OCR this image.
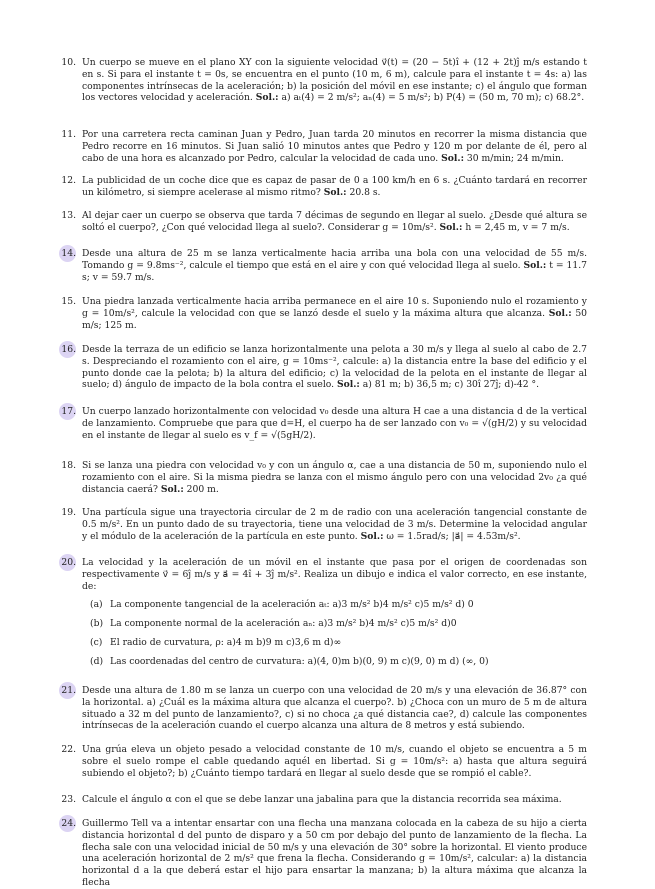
10. Un cuerpo se mueve en el plano XY con la siguiente velocidad v⃗(t) = (20 − 5t)î + (12 + 2t)ĵ m/s estando t en s. Si para el instante t = 0s, se encuentra en el punto (10 m, 6 m), calcule para el instante t = 4s: a) las componentes intrínsecas de la aceleración; b) la posición del móvil en ese instante; c) el ángulo que forman los vectores velocidad y aceleración. Sol.: a) aₜ(4) = 2 m/s²; aₙ(4) = 5 m/s²; b) P(4) = (50 m, 70 m); c) 68.2°.
11. Por una carretera recta caminan Juan y Pedro, Juan tarda 20 minutos en recorrer la misma distancia que Pedro recorre en 16 minutos. Si Juan salió 10 minutos antes que Pedro y 120 m por delante de él, pero al cabo de una hora es alcanzado por Pedro, calcular la velocidad de cada uno. Sol.: 30 m/min; 24 m/min.
12. La publicidad de un coche dice que es capaz de pasar de 0 a 100 km/h en 6 s. ¿Cuánto tardará en recorrer un kilómetro, si siempre acelerase al mismo ritmo? Sol.: 20.8 s.
13. Al dejar caer un cuerpo se observa que tarda 7 décimas de segundo en llegar al suelo. ¿Desde qué altura se soltó el cuerpo?, ¿Con qué velocidad llega al suelo?. Considerar g = 10m/s². Sol.: h = 2,45 m, v = 7 m/s.
14. Desde una altura de 25 m se lanza verticalmente hacia arriba una bola con una velocidad de 55 m/s. Tomando g = 9.8ms⁻², calcule el tiempo que está en el aire y con qué velocidad llega al suelo. Sol.: t = 11.7 s; v = 59.7 m/s.
15. Una piedra lanzada verticalmente hacia arriba permanece en el aire 10 s. Suponiendo nulo el rozamiento y g = 10m/s², calcule la velocidad con que se lanzó desde el suelo y la máxima altura que alcanza. Sol.: 50 m/s; 125 m.
16. Desde la terraza de un edificio se lanza horizontalmente una pelota a 30 m/s y llega al suelo al cabo de 2.7 s. Despreciando el rozamiento con el aire, g = 10ms⁻², calcule: a) la distancia entre la base del edificio y el punto donde cae la pelota; b) la altura del edificio; c) la velocidad de la pelota en el instante de llegar al suelo; d) ángulo de impacto de la bola contra el suelo. Sol.: a) 81 m; b) 36,5 m; c) 30î 27ĵ; d)-42 °.
17. Un cuerpo lanzado horizontalmente con velocidad v₀ desde una altura H cae a una distancia d de la vertical de lanzamiento. Compruebe que para que d=H, el cuerpo ha de ser lanzado con v₀ = √(gH/2) y su velocidad en el instante de llegar al suelo es v_f = √(5gH/2).
18. Si se lanza una piedra con velocidad v₀ y con un ángulo α, cae a una distancia de 50 m, suponiendo nulo el rozamiento con el aire. Si la misma piedra se lanza con el mismo ángulo pero con una velocidad 2v₀ ¿a qué distancia caerá? Sol.: 200 m.
19. Una partícula sigue una trayectoria circular de 2 m de radio con una aceleración tangencial constante de 0.5 m/s². En un punto dado de su trayectoria, tiene una velocidad de 3 m/s. Determine la velocidad angular y el módulo de la aceleración de la partícula en este punto. Sol.: ω = 1.5rad/s; |a⃗| = 4.53m/s².
20. La velocidad y la aceleración de un móvil en el instante que pasa por el origen de coordenadas son respectivamente v⃗ = 6ĵ m/s y a⃗ = 4î + 3ĵ m/s². Realiza un dibujo e indica el valor correcto, en ese instante, de:
(a) La componente tangencial de la aceleración aₜ: a)3 m/s² b)4 m/s² c)5 m/s² d) 0
(b) La componente normal de la aceleración aₙ: a)3 m/s² b)4 m/s² c)5 m/s² d)0
(c) El radio de curvatura, ρ: a)4 m b)9 m c)3,6 m d)∞
(d) Las coordenadas del centro de curvatura: a)(4, 0)m b)(0, 9) m c)(9, 0) m d) (∞, 0)
21. Desde una altura de 1.80 m se lanza un cuerpo con una velocidad de 20 m/s y una elevación de 36.87° con la horizontal. a) ¿Cuál es la máxima altura que alcanza el cuerpo?. b) ¿Choca con un muro de 5 m de altura situado a 32 m del punto de lanzamiento?, c) si no choca ¿a qué distancia cae?, d) calcule las componentes intrínsecas de la aceleración cuando el cuerpo alcanza una altura de 8 metros y está subiendo.
22. Una grúa eleva un objeto pesado a velocidad constante de 10 m/s, cuando el objeto se encuentra a 5 m sobre el suelo rompe el cable quedando aquél en libertad. Si g = 10m/s²: a) hasta que altura seguirá subiendo el objeto?; b) ¿Cuánto tiempo tardará en llegar al suelo desde que se rompió el cable?.
23. Calcule el ángulo α con el que se debe lanzar una jabalina para que la distancia recorrida sea máxima.
24. Guillermo Tell va a intentar ensartar con una flecha una manzana colocada en la cabeza de su hijo a cierta distancia horizontal d del punto de disparo y a 50 cm por debajo del punto de lanzamiento de la flecha. La flecha sale con una velocidad inicial de 50 m/s y una elevación de 30° sobre la horizontal. El viento produce una aceleración horizontal de 2 m/s² que frena la flecha. Considerando g = 10m/s², calcular: a) la distancia horizontal d a la que deberá estar el hijo para ensartar la manzana; b) la altura máxima que alcanza la flecha
